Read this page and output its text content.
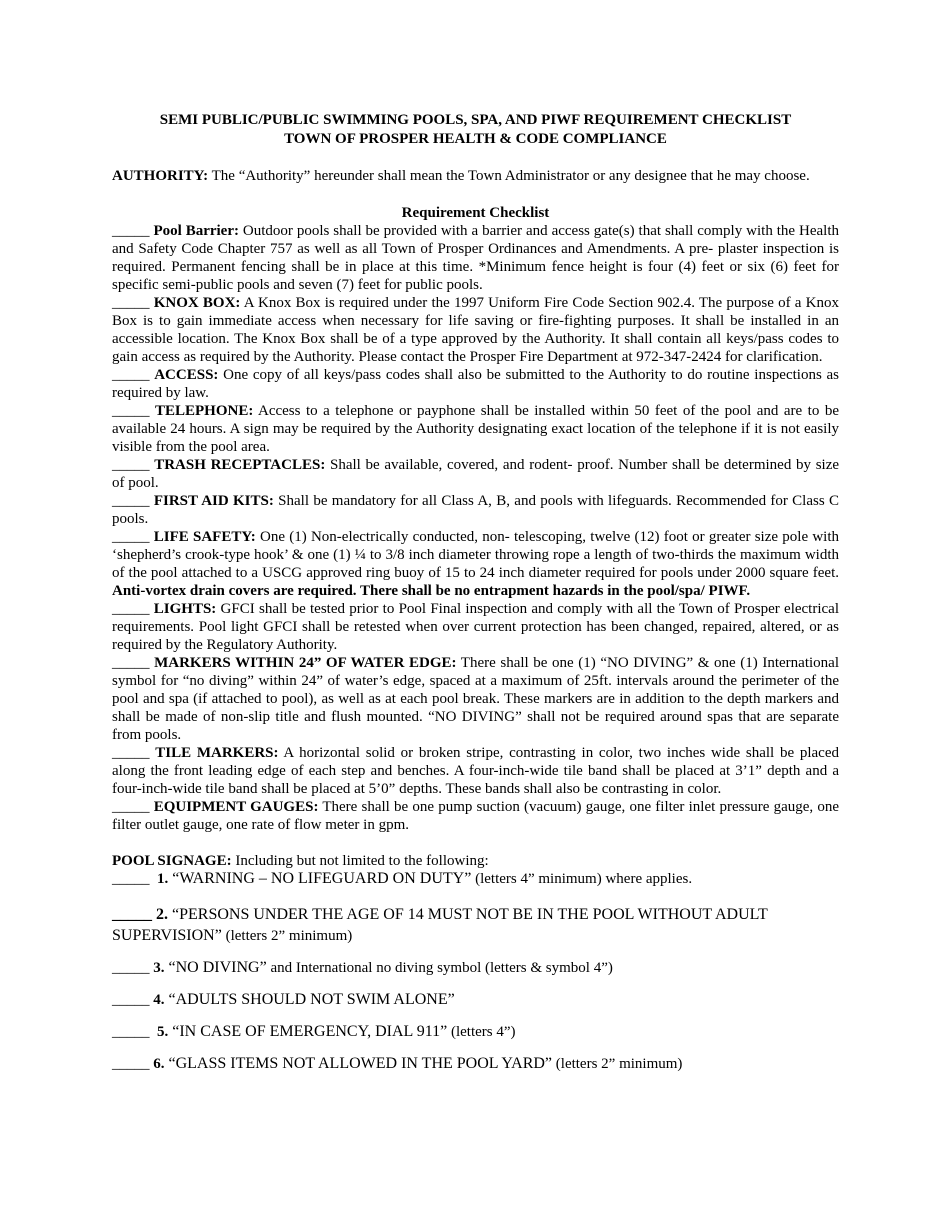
SEMI PUBLIC/PUBLIC SWIMMING POOLS, SPA, AND PIWF REQUIREMENT CHECKLIST
TOWN OF PROSPER HEALTH & CODE COMPLIANCE

AUTHORITY: The “Authority” hereunder shall mean the Town Administrator or any designee that he may choose.

Requirement Checklist

_____ Pool Barrier: Outdoor pools shall be provided with a barrier and access gate(s) that shall comply with the Health and Safety Code Chapter 757 as well as all Town of Prosper Ordinances and Amendments. A pre- plaster inspection is required. Permanent fencing shall be in place at this time. *Minimum fence height is four (4) feet or six (6) feet for specific semi-public pools and seven (7) feet for public pools.

_____ KNOX BOX: A Knox Box is required under the 1997 Uniform Fire Code Section 902.4. The purpose of a Knox Box is to gain immediate access when necessary for life saving or fire-fighting purposes. It shall be installed in an accessible location. The Knox Box shall be of a type approved by the Authority. It shall contain all keys/pass codes to gain access as required by the Authority. Please contact the Prosper Fire Department at 972-347-2424 for clarification.

_____ ACCESS: One copy of all keys/pass codes shall also be submitted to the Authority to do routine inspections as required by law.

_____ TELEPHONE: Access to a telephone or payphone shall be installed within 50 feet of the pool and are to be available 24 hours. A sign may be required by the Authority designating exact location of the telephone if it is not easily visible from the pool area.

_____ TRASH RECEPTACLES: Shall be available, covered, and rodent- proof. Number shall be determined by size of pool.

_____ FIRST AID KITS: Shall be mandatory for all Class A, B, and pools with lifeguards. Recommended for Class C pools.

_____ LIFE SAFETY: One (1) Non-electrically conducted, non- telescoping, twelve (12) foot or greater size pole with ‘shepherd’s crook-type hook’ & one (1) ¼ to 3/8 inch diameter throwing rope a length of two-thirds the maximum width of the pool attached to a USCG approved ring buoy of 15 to 24 inch diameter required for pools under 2000 square feet. Anti-vortex drain covers are required. There shall be no entrapment hazards in the pool/spa/ PIWF.

_____ LIGHTS: GFCI shall be tested prior to Pool Final inspection and comply with all the Town of Prosper electrical requirements. Pool light GFCI shall be retested when over current protection has been changed, repaired, altered, or as required by the Regulatory Authority.

_____ MARKERS WITHIN 24” OF WATER EDGE: There shall be one (1) “NO DIVING” & one (1) International symbol for “no diving” within 24” of water’s edge, spaced at a maximum of 25ft. intervals around the perimeter of the pool and spa (if attached to pool), as well as at each pool break. These markers are in addition to the depth markers and shall be made of non-slip title and flush mounted. “NO DIVING” shall not be required around spas that are separate from pools.

_____ TILE MARKERS: A horizontal solid or broken stripe, contrasting in color, two inches wide shall be placed along the front leading edge of each step and benches. A four-inch-wide tile band shall be placed at 3’1” depth and a four-inch-wide tile band shall be placed at 5’0” depths. These bands shall also be contrasting in color.

_____ EQUIPMENT GAUGES: There shall be one pump suction (vacuum) gauge, one filter inlet pressure gauge, one filter outlet gauge, one rate of flow meter in gpm.

POOL SIGNAGE: Including but not limited to the following:

_____ 1. “WARNING – NO LIFEGUARD ON DUTY” (letters 4” minimum) where applies.

_____ 2. “PERSONS UNDER THE AGE OF 14 MUST NOT BE IN THE POOL WITHOUT ADULT SUPERVISION” (letters 2” minimum)

_____ 3. “NO DIVING” and International no diving symbol (letters & symbol 4”)

_____ 4. “ADULTS SHOULD NOT SWIM ALONE”

_____ 5. “IN CASE OF EMERGENCY, DIAL 911” (letters 4”)

_____ 6. “GLASS ITEMS NOT ALLOWED IN THE POOL YARD” (letters 2” minimum)
